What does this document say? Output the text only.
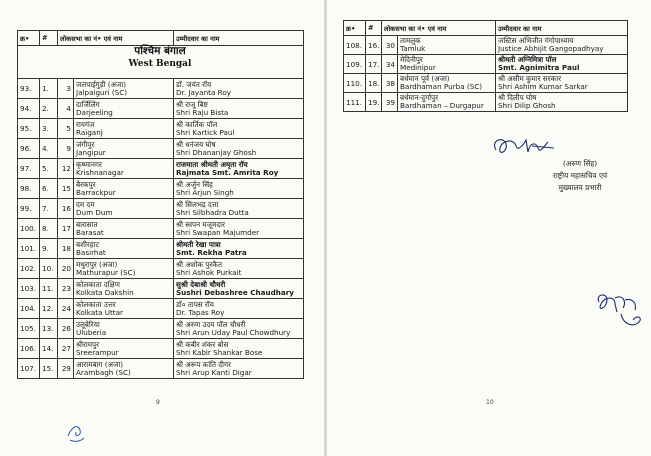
क्र•	#	लोकसभा का नं• एवं नाम		उम्मीदवार का नाम

93.	1.	3	जलपाईगुड़ी (अजा)
Jalpaiguri (SC)	डॉ. जयंत रॉय
Dr. Jayanta Roy

94.	2.	4	दार्जिलिंग
Darjeeling	श्री राजू बिष्ट
Shri Raju Bista

95.	3.	5	रायगंज
Raiganj	श्री कार्तिक पॉल
Shri Kartick Paul

96.	4.	9	जंगीपुर
Jangipur	श्री धनंजय घोष
Shri Dhananjay Ghosh

97.	5.	12	कृष्णानगर
Krishnanagar	राजमाता श्रीमती अमृता रॉय
Rajmata Smt. Amrita Roy

98.	6.	15	बैरकपुर
Barrackpur	श्री अर्जुन सिंह
Shri Arjun Singh

99.	7.	16	दम दम
Dum Dum	श्री सिलभद्र दत्ता
Shri Silbhadra Dutta

100.	8.	17	बारासात
Barasat	श्री स्वपन मजूमदार
Shri Swapan Majumder

101.	9.	18	बशीरहाट
Basirhat	श्रीमती रेखा पात्रा
Smt. Rekha Patra

102.	10.	20	मथुरापुर (अजा)
Mathurapur (SC)	श्री अशोक पुरकैत
Shri Ashok Purkait

103.	11.	23	कोलकाता दक्षिण
Kolkata Dakshin	सुश्री देबाश्री चौधरी
Sushri Debashree Chaudhary

104.	12.	24	कोलकाता उत्तर
Kolkata Uttar	डॉ० तापस रॉय
Dr. Tapas Roy

105.	13.	26	उलूबेरिया
Uluberia	श्री अरुण उदय पॉल चौधरी
Shri Arun Uday Paul Chowdhury

106.	14.	27	श्रीरामपुर
Sreerampur	श्री कबीर शंकर बोस
Shri Kabir Shankar Bose

107.	15.	29	आरामबाग (अजा)
Arambagh (SC)	श्री अरूप कांति दीगर
Shri Arup Kanti Digar
पश्चिम बंगाल
West Bengal
क्र•	#	लोकसभा का नं• एवं नाम		उम्मीदवार का नाम
108.	16.	30	तामलुक
Tamluk	जस्टिस अभिजीत गंगोपाध्याय
Justice Abhijit Gangopadhyay

109.	17.	34	मेदिनीपुर
Medinipur	श्रीमती अग्निमित्रा पॉल
Smt. Agnimitra Paul

110.	18.	38	बर्धमान पूर्व (अजा)
Bardhaman Purba (SC)	श्री असीम कुमार सरकार
Shri Ashim Kumar Sarkar

111.	19.	39	बर्धमान-दुर्गापुर
Bardhaman – Durgapur	श्री दिलीप घोष
Shri Dilip Ghosh
(अरुण सिंह)
राष्ट्रीय महासचिव एवं
मुख्यालय प्रभारी
9	10
